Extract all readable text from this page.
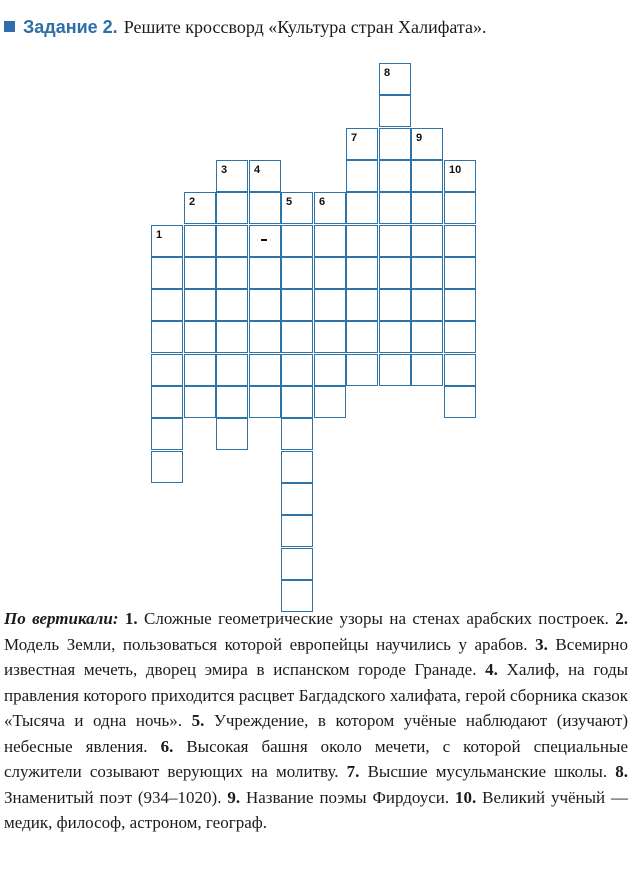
Задание 2. Решите кроссворд «Культура стран Халифата».
1
2
3 4
5 6
7
8
9
10
По вертикали: 1. Сложные геометрические узоры на стенах арабских построек. 2. Модель Земли, пользоваться которой европейцы научились у арабов. 3. Всемирно известная мечеть, дворец эмира в испанском городе Гранаде. 4. Халиф, на годы правления которого приходится расцвет Багдадского халифата, герой сборника сказок «Тысяча и одна ночь». 5. Учреждение, в котором учёные наблюдают (изучают) небесные явления. 6. Высокая башня около мечети, с которой специальные служители созывают верующих на молитву. 7. Высшие мусульманские школы. 8. Знаменитый поэт (934–1020). 9. Название поэмы Фирдоуси. 10. Великий учёный — медик, философ, астроном, географ.
